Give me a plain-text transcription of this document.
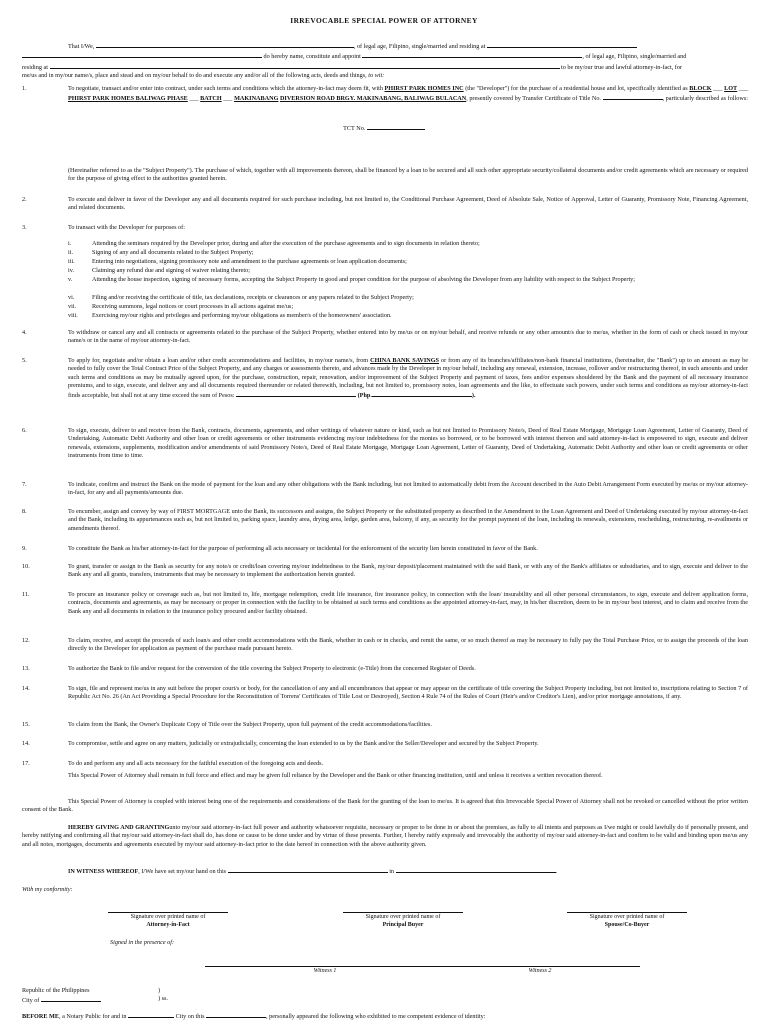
IRREVOCABLE SPECIAL POWER OF ATTORNEY
That I/We,	, of legal age, Filipino, single/married and residing at
do hereby name, constitute and appoint	, of legal age, Filipino, single/married and
residing at	to be my/our true and lawful attorney-in-fact, for
me/us and in my/our name/s, place and stead and on my/our behalf to do and execute any and/or all of the following acts, deeds and things, to wit:
1.	To negotiate, transact and/or enter into contract, under such terms and conditions which the attorney-in-fact may deem fit, with PHIRST PARK HOMES INC (the "Developer") for the purchase of a residential house and lot, specifically identified as BLOCK ___ LOT ___ PHIRST PARK HOMES BALIWAG PHASE ___ BATCH ___ MAKINABANG DIVERSION ROAD BRGY. MAKINABANG, BALIWAG BULACAN, presently covered by Transfer Certificate of Title No.	, particularly described as follows:
TCT No.
(Hereinafter referred to as the "Subject Property"). The purchase of which, together with all improvements thereon, shall be financed by a loan to be secured and all such other appropriate security/collateral documents and/or credit agreements which are necessary or required for the purpose of giving effect to the authorities granted herein.
2.	To execute and deliver in favor of the Developer any and all documents required for such purchase including, but not limited to, the Conditional Purchase Agreement, Deed of Absolute Sale, Notice of Approval, Letter of Guaranty, Promissory Note, Financing Agreement, and related documents.
3.	To transact with the Developer for purposes of:
i.	Attending the seminars required by the Developer prior, during and after the execution of the purchase agreements and to sign documents in relation thereto;
ii.	Signing of any and all documents related to the Subject Property;
iii.	Entering into negotiations, signing promissory note and amendment to the purchase agreements or loan application documents;
iv.	Claiming any refund due and signing of waiver relating thereto;
v.	Attending the house inspection, signing of necessary forms, accepting the Subject Property in good and proper condition for the purpose of absolving the Developer from any liability with respect to the Subject Property;
vi.	Filing and/or receiving the certificate of title, tax declarations, receipts or clearances or any papers related to the Subject Property;
vii.	Receiving summons, legal notices or court processes in all actions against me/us;
viii. Exercising my/our rights and privileges and performing my/our obligations as member/s of the homeowners' association.
4.	To withdraw or cancel any and all contracts or agreements related to the purchase of the Subject Property, whether entered into by me/us or on my/our behalf, and receive refunds or any other amount/s due to me/us, whether in the form of cash or check issued in my/our name/s or in the name of my/our attorney-in-fact.
5.	To apply for, negotiate and/or obtain a loan and/or other credit accommodations and facilities, in my/our name/s, from CHINA BANK SAVINGS or from any of its branches/affiliates/non-bank financial institutions, (hereinafter, the "Bank") up to an amount as may be needed to fully cover the Total Contract Price of the Subject Property, and any charges or assessments thereto, and advances made by the Developer in my/our behalf, including any renewal, extension, increase, rollover and/or restructuring thereof, in such amounts and under such terms and conditions as may be mutually agreed upon, for the purchase, construction, repair, renovation, and/or improvement of the Subject Property and payment of taxes, fees and/or expenses shouldered by the Bank and the payment of all necessary insurance premiums, and to sign, execute, and deliver any and all documents required thereunder or related therewith, including, but not limited to, promissory notes, loan agreements and the like, to effectuate such powers, under such terms and conditions as my/our attorney-in-fact finds acceptable, but shall not at any time exceed the sum of Pesos:	(Php.	).
6.	To sign, execute, deliver to and receive from the Bank, contracts, documents, agreements, and other writings of whatever nature or kind, such as but not limited to Promissory Note/s, Deed of Real Estate Mortgage, Mortgage Loan Agreement, Letter of Guaranty, Deed of Undertaking, Automatic Debit Authority and other loan or credit agreements or other instruments evidencing my/our indebtedness for the monies so borrowed, or to be borrowed with interest thereon and said attorney-in-fact is empowered to sign, execute and deliver renewals, extensions, supplements, modification and/or amendments of said Promissory Note/s, Deed of Real Estate Mortgage, Mortgage Loan Agreement, Letter of Guaranty, Deed of Undertaking, Automatic Debit Authority and other loan or credit agreements or other instruments from time to time.
7.	To indicate, confirm and instruct the Bank on the mode of payment for the loan and any other obligations with the Bank including, but not limited to automatically debit from the Account described in the Auto Debit Arrangement Form executed by me/us or my/our attorney-in-fact, for any and all payments/amounts due.
8.	To encumber, assign and convey by way of FIRST MORTGAGE unto the Bank, its successors and assigns, the Subject Property or the substituted property as described in the Amendment to the Loan Agreement and Deed of Undertaking executed by my/our attorney-in-fact and the Bank, including its appurtenances such as, but not limited to, parking space, laundry area, drying area, ledge, garden area, balcony, if any, as security for the prompt payment of the loan, including its renewals, extensions, rescheduling, restructuring, re-availments or amendments thereof.
9.	To constitute the Bank as his/her attorney-in-fact for the purpose of performing all acts necessary or incidental for the enforcement of the security lien herein constituted in favor of the Bank.
10.	To grant, transfer or assign to the Bank as security for any note/s or credit/loan covering my/our indebtedness to the Bank, my/our deposit/placement maintained with the said Bank, or with any of the Bank's affiliates or subsidiaries, and to sign, execute and deliver to the Bank any and all grants, transfers, instruments that may be necessary to implement the authorization herein granted.
11.	To procure an insurance policy or coverage such as, but not limited to, life, mortgage redemption, credit life insurance, fire insurance policy, in connection with the loan/ insurability and all other personal circumstances, to sign, execute and deliver application forms, contracts, documents and agreements, as may be necessary or proper in connection with the facility to be obtained at such terms and conditions as the appointed attorney-in-fact, may, in his/her discretion, deem to be in my/our best interest, and to claim and receive from the Bank any and all documents in relation to the insurance policy procured and/or facility obtained.
12.	To claim, receive, and accept the proceeds of such loan/s and other credit accommodations with the Bank, whether in cash or in checks, and remit the same, or so much thereof as may be necessary to fully pay the Total Purchase Price, or to assign the proceeds of the loan directly to the Developer for application as payment of the purchase made pursuant hereto.
13.	To authorize the Bank to file and/or request for the conversion of the title covering the Subject Property to electronic (e-Title) from the concerned Register of Deeds.
14.	To sign, file and represent me/us in any suit before the proper court/s or body, for the cancellation of any and all encumbrances that appear or may appear on the certificate of title covering the Subject Property including, but not limited to, inscriptions relating to Section 7 of Republic Act No. 26 (An Act Providing a Special Procedure for the Reconstitution of Torrens' Certificates of Title Lost or Destroyed), Section 4 Rule 74 of the Rules of Court (Heir's and/or Creditor's Lien), and/or prior mortgage annotations, if any.
15.	To claim from the Bank, the Owner's Duplicate Copy of Title over the Subject Property, upon full payment of the credit accommodations/facilities.
14.	To compromise, settle and agree on any matters, judicially or extrajudicially, concerning the loan extended to us by the Bank and/or the Seller/Developer and secured by the Subject Property.
17.	To do and perform any and all acts necessary for the faithful execution of the foregoing acts and deeds.
This Special Power of Attorney shall remain in full force and effect and may be given full reliance by the Developer and the Bank or other financing institution, until and unless it receives a written revocation thereof.
This Special Power of Attorney is coupled with interest being one of the requirements and considerations of the Bank for the granting of the loan to me/us. It is agreed that this Irrevocable Special Power of Attorney shall not be revoked or cancelled without the prior written consent of the Bank.
HEREBY GIVING AND GRANTINGunto my/our said attorney-in-fact full power and authority whatsoever requisite, necessary or proper to be done in or about the premises, as fully to all intents and purposes as I/we might or could lawfully do if personally present, and hereby ratifying and confirming all that my/our said attorney-in-fact shall do, has done or cause to be done under and by virtue of these presents. Further, I hereby ratify expressly and irrevocably the authority of my/our said attorney-in-fact and confirm to be valid and binding upon me/us any and all notes, mortgages, documents and agreements executed by my/our said attorney-in-fact prior to the date hereof in connection with the above authority given.
IN WITNESS WHEREOF, I/We have set my/our hand on this	in	.
With my conformity:
Signature over printed name of
Attorney-in-Fact
Signature over printed name of
Principal Buyer
Signature over printed name of
Spouse/Co-Buyer
Signed in the presence of:
Witness 1	Witness 2
Republic of the Philippines
City of
)
) ss.
BEFORE ME, a Notary Public for and in	City on this	, personally appeared the following who exhibited to me competent evidence of identity:
